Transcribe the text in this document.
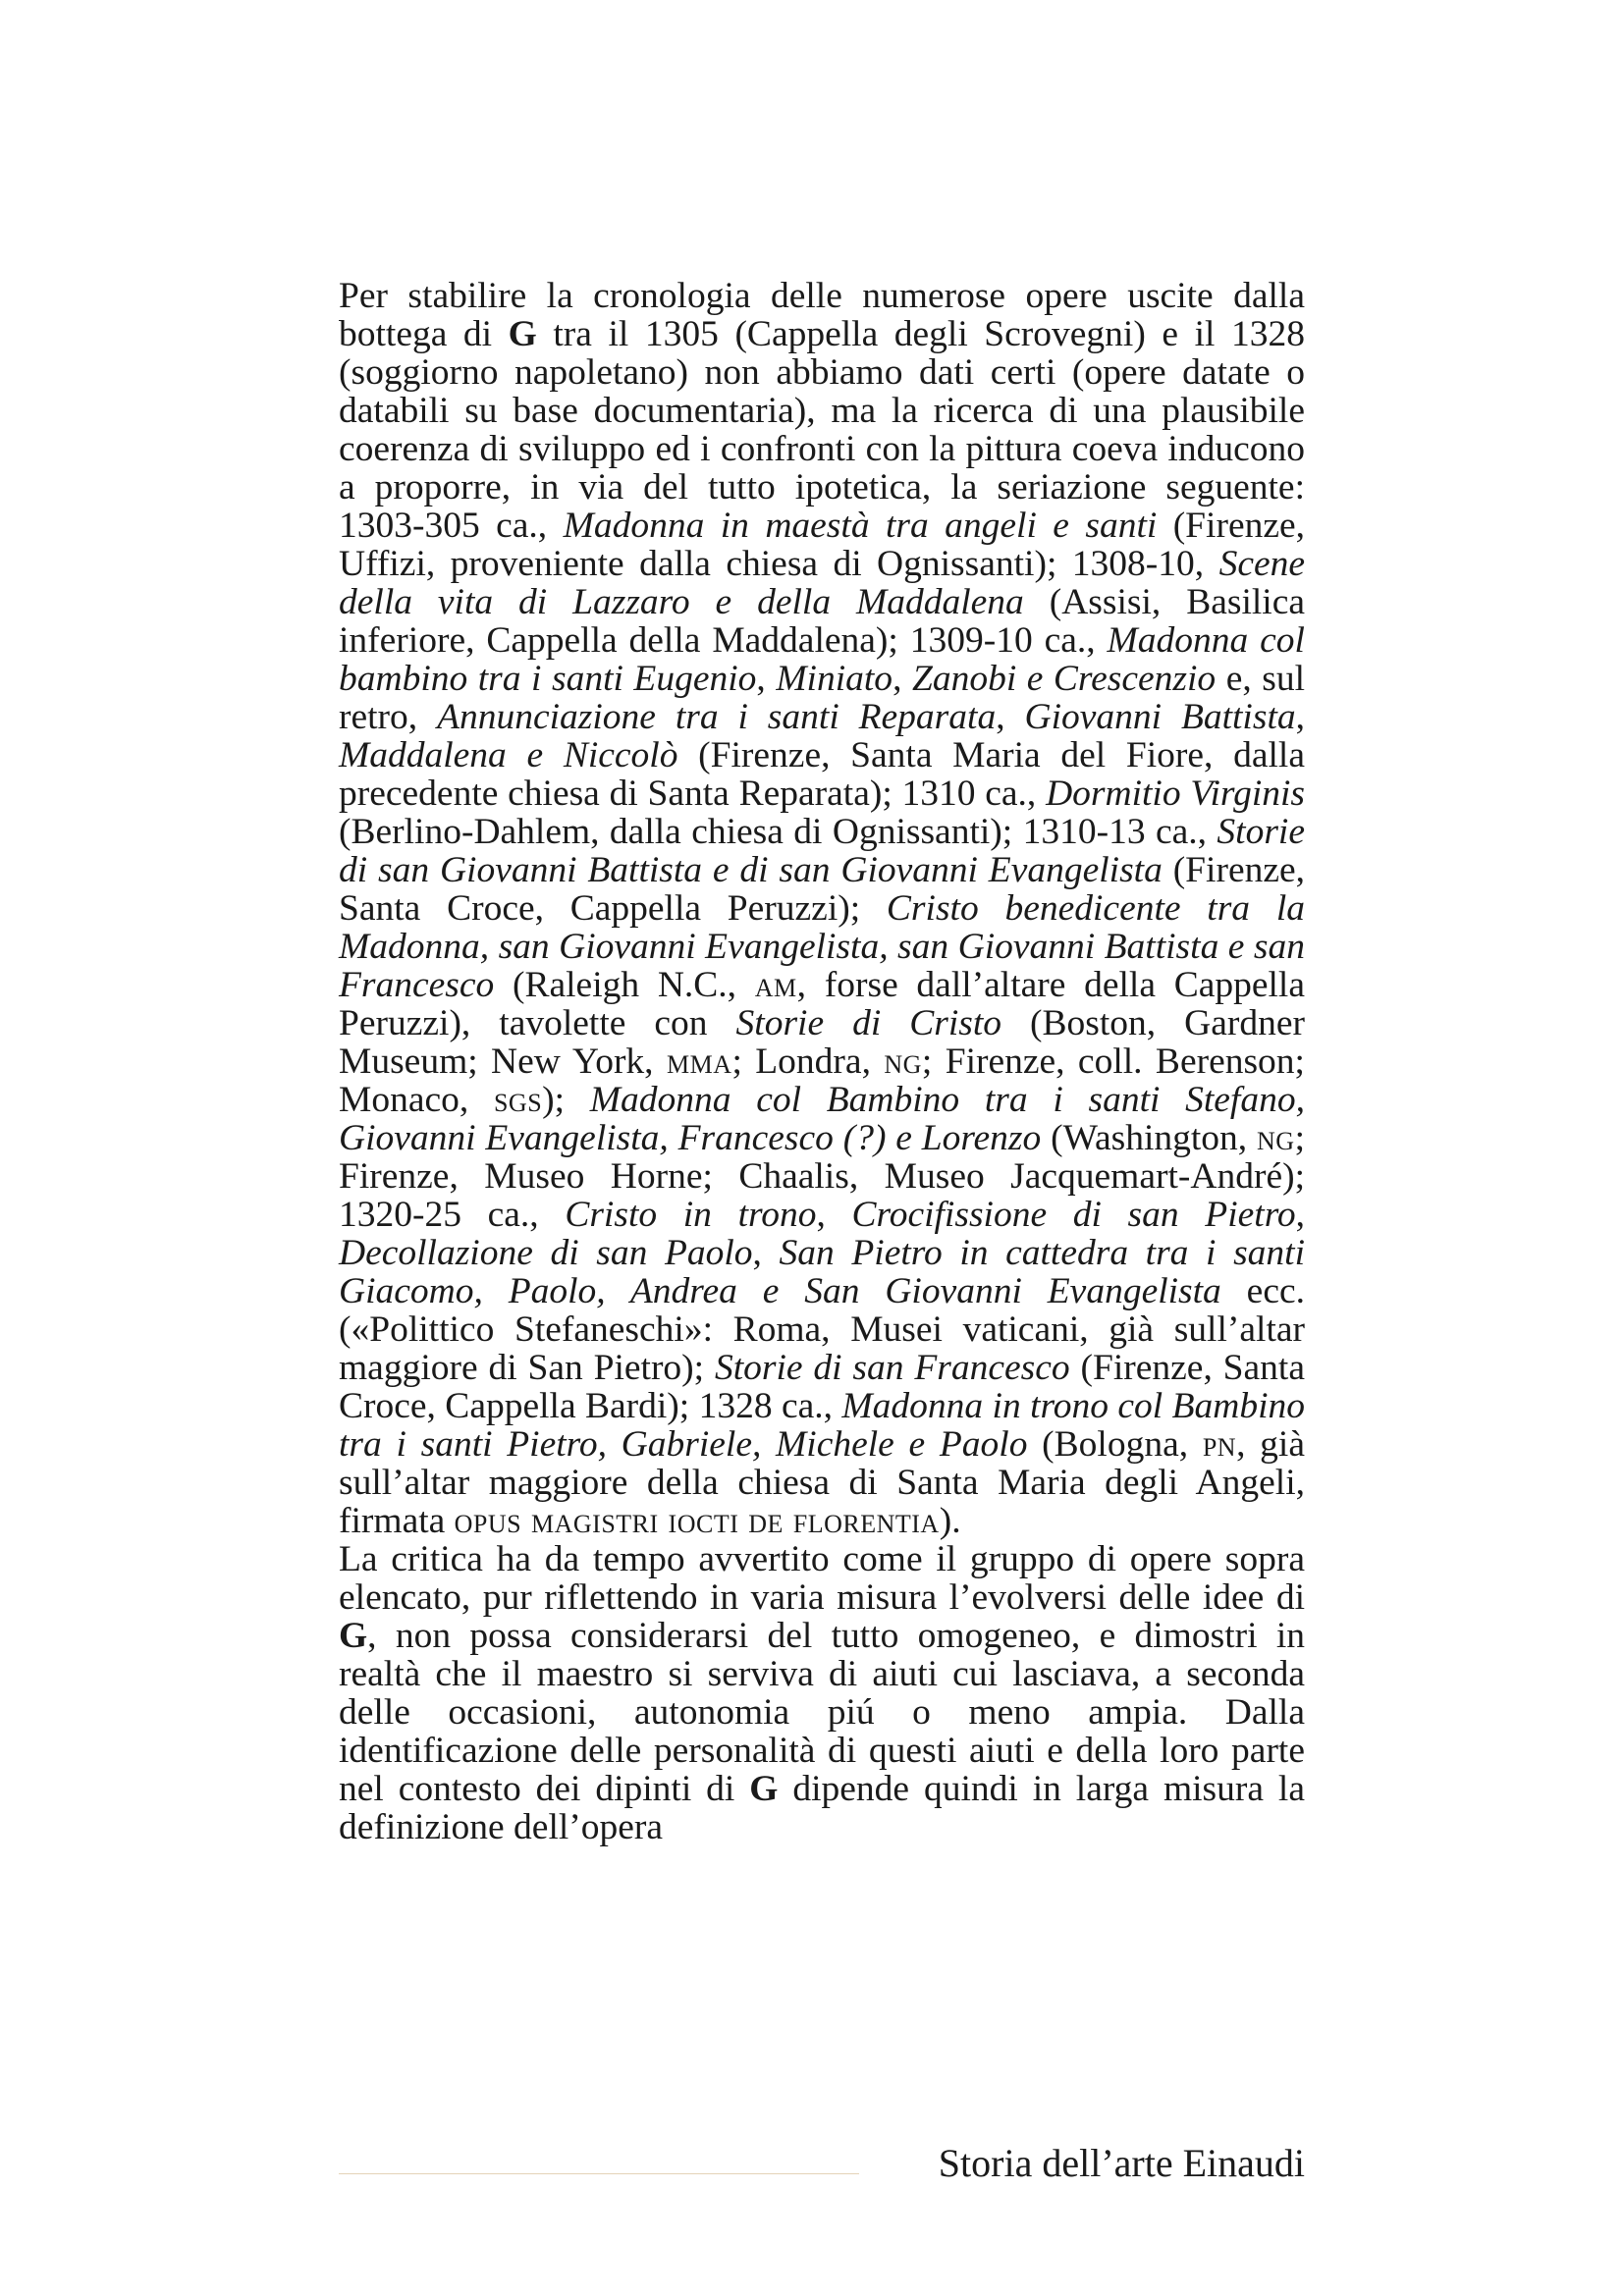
Per stabilire la cronologia delle numerose opere uscite dalla bottega di G tra il 1305 (Cappella degli Scrovegni) e il 1328 (soggiorno napoletano) non abbiamo dati certi (opere datate o databili su base documentaria), ma la ricerca di una plausibile coerenza di sviluppo ed i confronti con la pittura coeva inducono a proporre, in via del tutto ipotetica, la seriazione seguente: 1303-305 ca., Madonna in maestà tra angeli e santi (Firenze, Uffizi, proveniente dalla chiesa di Ognissanti); 1308-10, Scene della vita di Lazzaro e della Maddalena (Assisi, Basilica inferiore, Cappella della Maddalena); 1309-10 ca., Madonna col bambino tra i santi Eugenio, Miniato, Zanobi e Crescenzio e, sul retro, Annunciazione tra i santi Reparata, Giovanni Battista, Maddalena e Niccolò (Firenze, Santa Maria del Fiore, dalla precedente chiesa di Santa Reparata); 1310 ca., Dormitio Virginis (Berlino-Dahlem, dalla chiesa di Ognissanti); 1310-13 ca., Storie di san Giovanni Battista e di san Giovanni Evangelista (Firenze, Santa Croce, Cappella Peruzzi); Cristo benedicente tra la Madonna, san Giovanni Evangelista, san Giovanni Battista e san Francesco (Raleigh N.C., am, forse dall’altare della Cappella Peruzzi), tavolette con Storie di Cristo (Boston, Gardner Museum; New York, mma; Londra, ng; Firenze, coll. Berenson; Monaco, sgs); Madonna col Bambino tra i santi Stefano, Giovanni Evangelista, Francesco (?) e Lorenzo (Washington, ng; Firenze, Museo Horne; Chaalis, Museo Jacquemart-André); 1320-25 ca., Cristo in trono, Crocifissione di san Pietro, Decollazione di san Paolo, San Pietro in cattedra tra i santi Giacomo, Paolo, Andrea e San Giovanni Evangelista ecc. («Polittico Stefaneschi»: Roma, Musei vaticani, già sull’altar maggiore di San Pietro); Storie di san Francesco (Firenze, Santa Croce, Cappella Bardi); 1328 ca., Madonna in trono col Bambino tra i santi Pietro, Gabriele, Michele e Paolo (Bologna, pn, già sull’altar maggiore della chiesa di Santa Maria degli Angeli, firmata opus magistri iocti de florentia).

La critica ha da tempo avvertito come il gruppo di opere sopra elencato, pur riflettendo in varia misura l’evolversi delle idee di G, non possa considerarsi del tutto omogeneo, e dimostri in realtà che il maestro si serviva di aiuti cui lasciava, a seconda delle occasioni, autonomia piú o meno ampia. Dalla identificazione delle personalità di questi aiuti e della loro parte nel contesto dei dipinti di G dipende quindi in larga misura la definizione dell’opera

Storia dell’arte Einaudi
